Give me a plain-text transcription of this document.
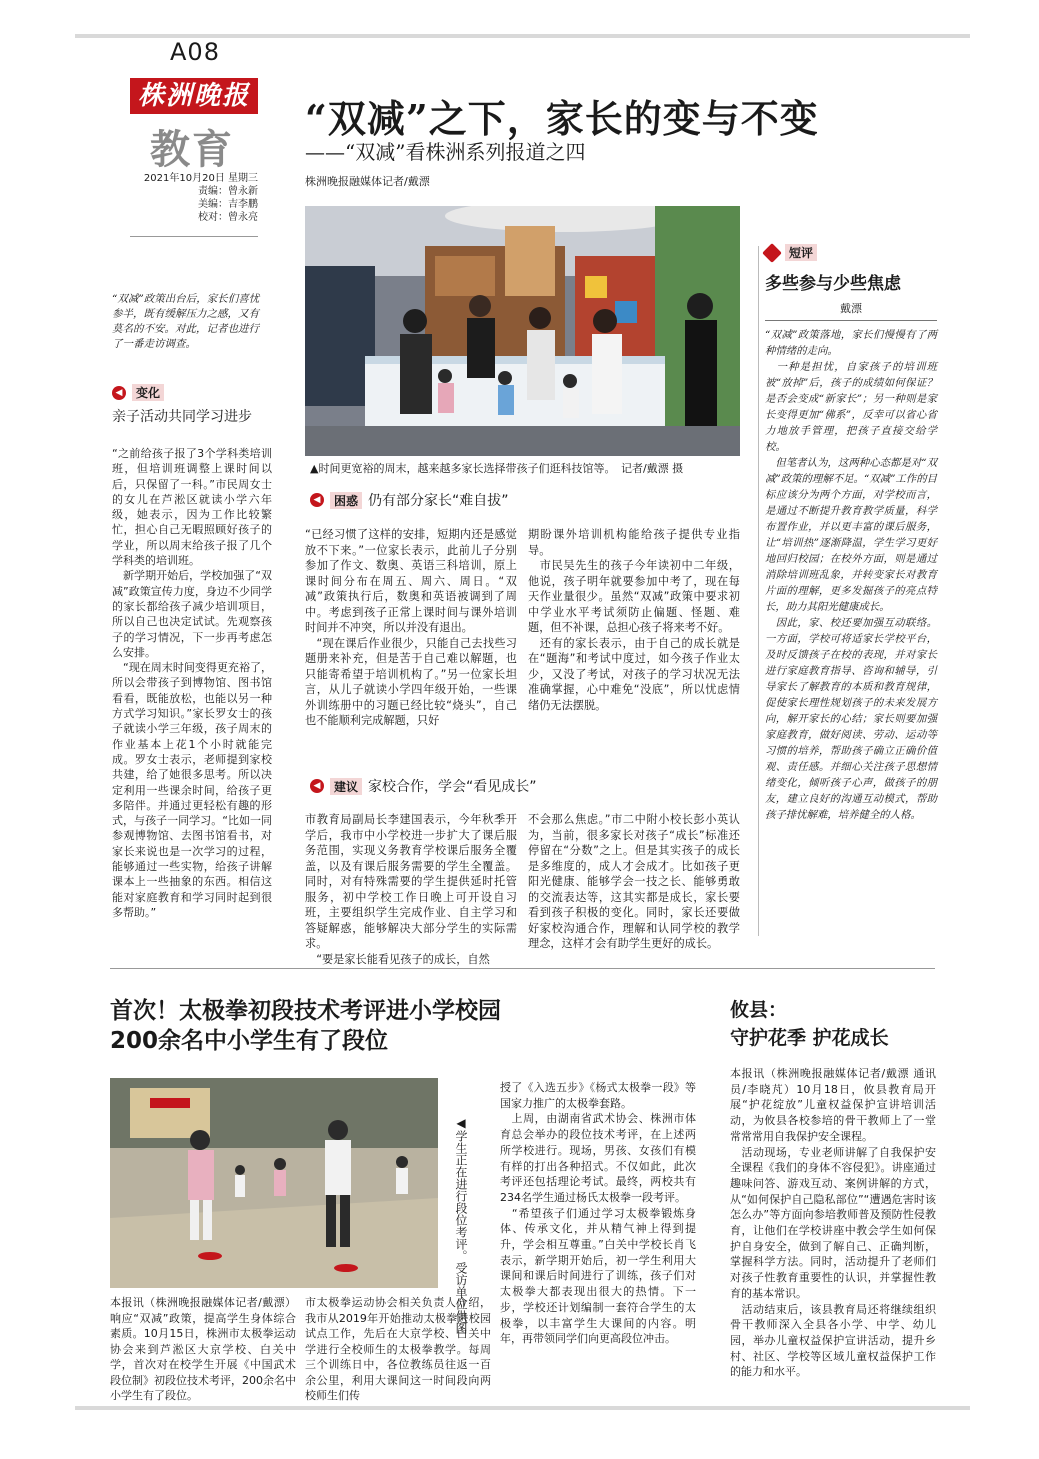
A08
株洲晚报
教育
2021年10月20日 星期三
责编：曾永新
美编：吉李鹏
校对：曾永亮
“双减”之下，家长的变与不变
——“双减”看株洲系列报道之四
株洲晚报融媒体记者/戴漂
▲时间更宽裕的周末，越来越多家长选择带孩子们逛科技馆等。　记者/戴漂 摄
“双减”政策出台后，家长们喜忧参半，既有缓解压力之感，又有莫名的不安。对此，记者也进行了一番走访调查。
◀	变化
亲子活动共同学习进步
“之前给孩子报了3个学科类培训班，但培训班调整上课时间以后，只保留了一科。”市民周女士的女儿在芦淞区就读小学六年级，她表示，因为工作比较繁忙，担心自己无暇照顾好孩子的学业，所以周末给孩子报了几个学科类的培训班。
　新学期开始后，学校加强了“双减”政策宣传力度，身边不少同学的家长都给孩子减少培训项目，所以自己也决定试试。先观察孩子的学习情况，下一步再考虑怎么安排。
　“现在周末时间变得更充裕了，所以会带孩子到博物馆、图书馆看看，既能放松，也能以另一种方式学习知识。”家长罗女士的孩子就读小学三年级，孩子周末的作业基本上花1个小时就能完成。罗女士表示，老师提到家校共建，给了她很多思考。所以决定利用一些课余时间，给孩子更多陪伴。并通过更轻松有趣的形式，与孩子一同学习。“比如一同参观博物馆、去图书馆看书，对家长来说也是一次学习的过程，能够通过一些实物，给孩子讲解课本上一些抽象的东西。相信这能对家庭教育和学习同时起到很多帮助。”
◀	困惑 仍有部分家长“难自拔”
“已经习惯了这样的安排，短期内还是感觉放不下来。”一位家长表示，此前儿子分别参加了作文、数奥、英语三科培训，原上课时间分布在周五、周六、周日。“双减”政策执行后，数奥和英语被调到了周中。考虑到孩子正常上课时间与课外培训时间并不冲突，所以并没有退出。
　“现在课后作业很少，只能自己去找些习题册来补充，但是苦于自己难以解题，也只能寄希望于培训机构了。”另一位家长坦言，从儿子就读小学四年级开始，一些课外训练册中的习题已经比较“烧头”，自己也不能顺利完成解题，只好
期盼课外培训机构能给孩子提供专业指导。
　市民吴先生的孩子今年读初中二年级，他说，孩子明年就要参加中考了，现在每天作业量很少。虽然“双减”政策中要求初中学业水平考试须防止偏题、怪题、难题，但不补课，总担心孩子将来考不好。
　还有的家长表示，由于自己的成长就是在“题海”和考试中度过，如今孩子作业太少，又没了考试，对孩子的学习状况无法准确掌握，心中难免“没底”，所以忧虑情绪仍无法摆脱。
◀	建议 家校合作，学会“看见成长”
市教育局副局长李建国表示，今年秋季开学后，我市中小学校进一步扩大了课后服务范围，实现义务教育学校课后服务全覆盖，以及有课后服务需要的学生全覆盖。同时，对有特殊需要的学生提供延时托管服务，初中学校工作日晚上可开设自习班，主要组织学生完成作业、自主学习和答疑解惑，能够解决大部分学生的实际需求。
　“要是家长能看见孩子的成长，自然
不会那么焦虑。”市二中附小校长彭小英认为，当前，很多家长对孩子“成长”标准还停留在“分数”之上。但是其实孩子的成长是多维度的，成人才会成才。比如孩子更阳光健康、能够学会一技之长、能够勇敢的交流表达等，这其实都是成长，家长要看到孩子积极的变化。同时，家长还要做好家校沟通合作，理解和认同学校的教学理念，这样才会有助学生更好的成长。
短评
多些参与少些焦虑
戴漂
“双减”政策落地，家长们慢慢有了两种情绪的走向。
　一种是担忧，自家孩子的培训班被“放掉”后，孩子的成绩如何保证？是否会变成“新家长”；另一种则是家长变得更加“佛系”，反幸可以省心省力地放手管理，把孩子直接交给学校。
　但笔者认为，这两种心态都是对“双减”政策的理解不足。“双减”工作的目标应该分为两个方面，对学校而言，是通过不断提升教育教学质量，科学布置作业，并以更丰富的课后服务，让“培训热”逐渐降温，学生学习更好地回归校园；在校外方面，则是通过消除培训班乱象，并转变家长对教育片面的理解，更多发掘孩子的亮点特长，助力其阳光健康成长。
　因此，家、校还要加强互动联络。一方面，学校可将适家长学校平台，及时反馈孩子在校的表现，并对家长进行家庭教育指导、咨询和辅导，引导家长了解教育的本质和教育规律，促使家长理性规划孩子的未来发展方向，解开家长的心结；家长则要加强家庭教育，做好阅读、劳动、运动等习惯的培养，帮助孩子确立正确价值观、责任感。并细心关注孩子思想情绪变化，倾听孩子心声，做孩子的朋友，建立良好的沟通互动模式，帮助孩子排忧解难，培养健全的人格。
首次！太极拳初段技术考评进小学校园
200余名中小学生有了段位
◀学生正在进行段位考评。受访单位供图
本报讯（株洲晚报融媒体记者/戴漂）响应“双减”政策，提高学生身体综合素质。10月15日，株洲市太极拳运动协会来到芦淞区大京学校、白关中学，首次对在校学生开展《中国武术段位制》初段位技术考评，200余名中小学生有了段位。
市太极拳运动协会相关负责人介绍，我市从2019年开始推动太极拳进校园试点工作，先后在大京学校、白关中学进行全校师生的太极拳教学。每周三个训练日中，各位教练员往返一百余公里，利用大课间这一时间段向两校师生们传
授了《入选五步》《杨式太极拳一段》等国家力推广的太极拳套路。
　上周，由湖南省武术协会、株洲市体育总会举办的段位技术考评，在上述两所学校进行。现场，男孩、女孩们有模有样的打出各种招式。不仅如此，此次考评还包括理论考试。最终，两校共有234名学生通过杨氏太极拳一段考评。
　“希望孩子们通过学习太极拳锻炼身体、传承文化，并从精气神上得到提升，学会相互尊重。”白关中学校长肖飞表示，新学期开始后，初一学生利用大课间和课后时间进行了训练，孩子们对太极拳大都表现出很大的热情。下一步，学校还计划编制一套符合学生的太极拳，以丰富学生大课间的内容。明年，再带领同学们向更高段位冲击。
攸县：
守护花季 护花成长
本报讯（株洲晚报融媒体记者/戴漂 通讯员/李晓芃）10月18日，攸县教育局开展“护花绽放”儿童权益保护宣讲培训活动，为攸县各校参培的骨干教师上了一堂常常常用自我保护安全课程。
　活动现场，专业老师讲解了自我保护安全课程《我们的身体不容侵犯》。讲座通过趣味问答、游戏互动、案例讲解的方式，从“如何保护自己隐私部位”“遭遇危害时该怎么办”等方面向参培教师普及预防性侵教育，让他们在学校讲座中教会学生如何保护自身安全，做到了解自己、正确判断，掌握科学方法。同时，活动提升了老师们对孩子性教育重要性的认识，并掌握性教育的基本常识。
　活动结束后，该县教育局还将继续组织骨干教师深入全县各小学、中学、幼儿园，举办儿童权益保护宣讲活动，提升乡村、社区、学校等区域儿童权益保护工作的能力和水平。
